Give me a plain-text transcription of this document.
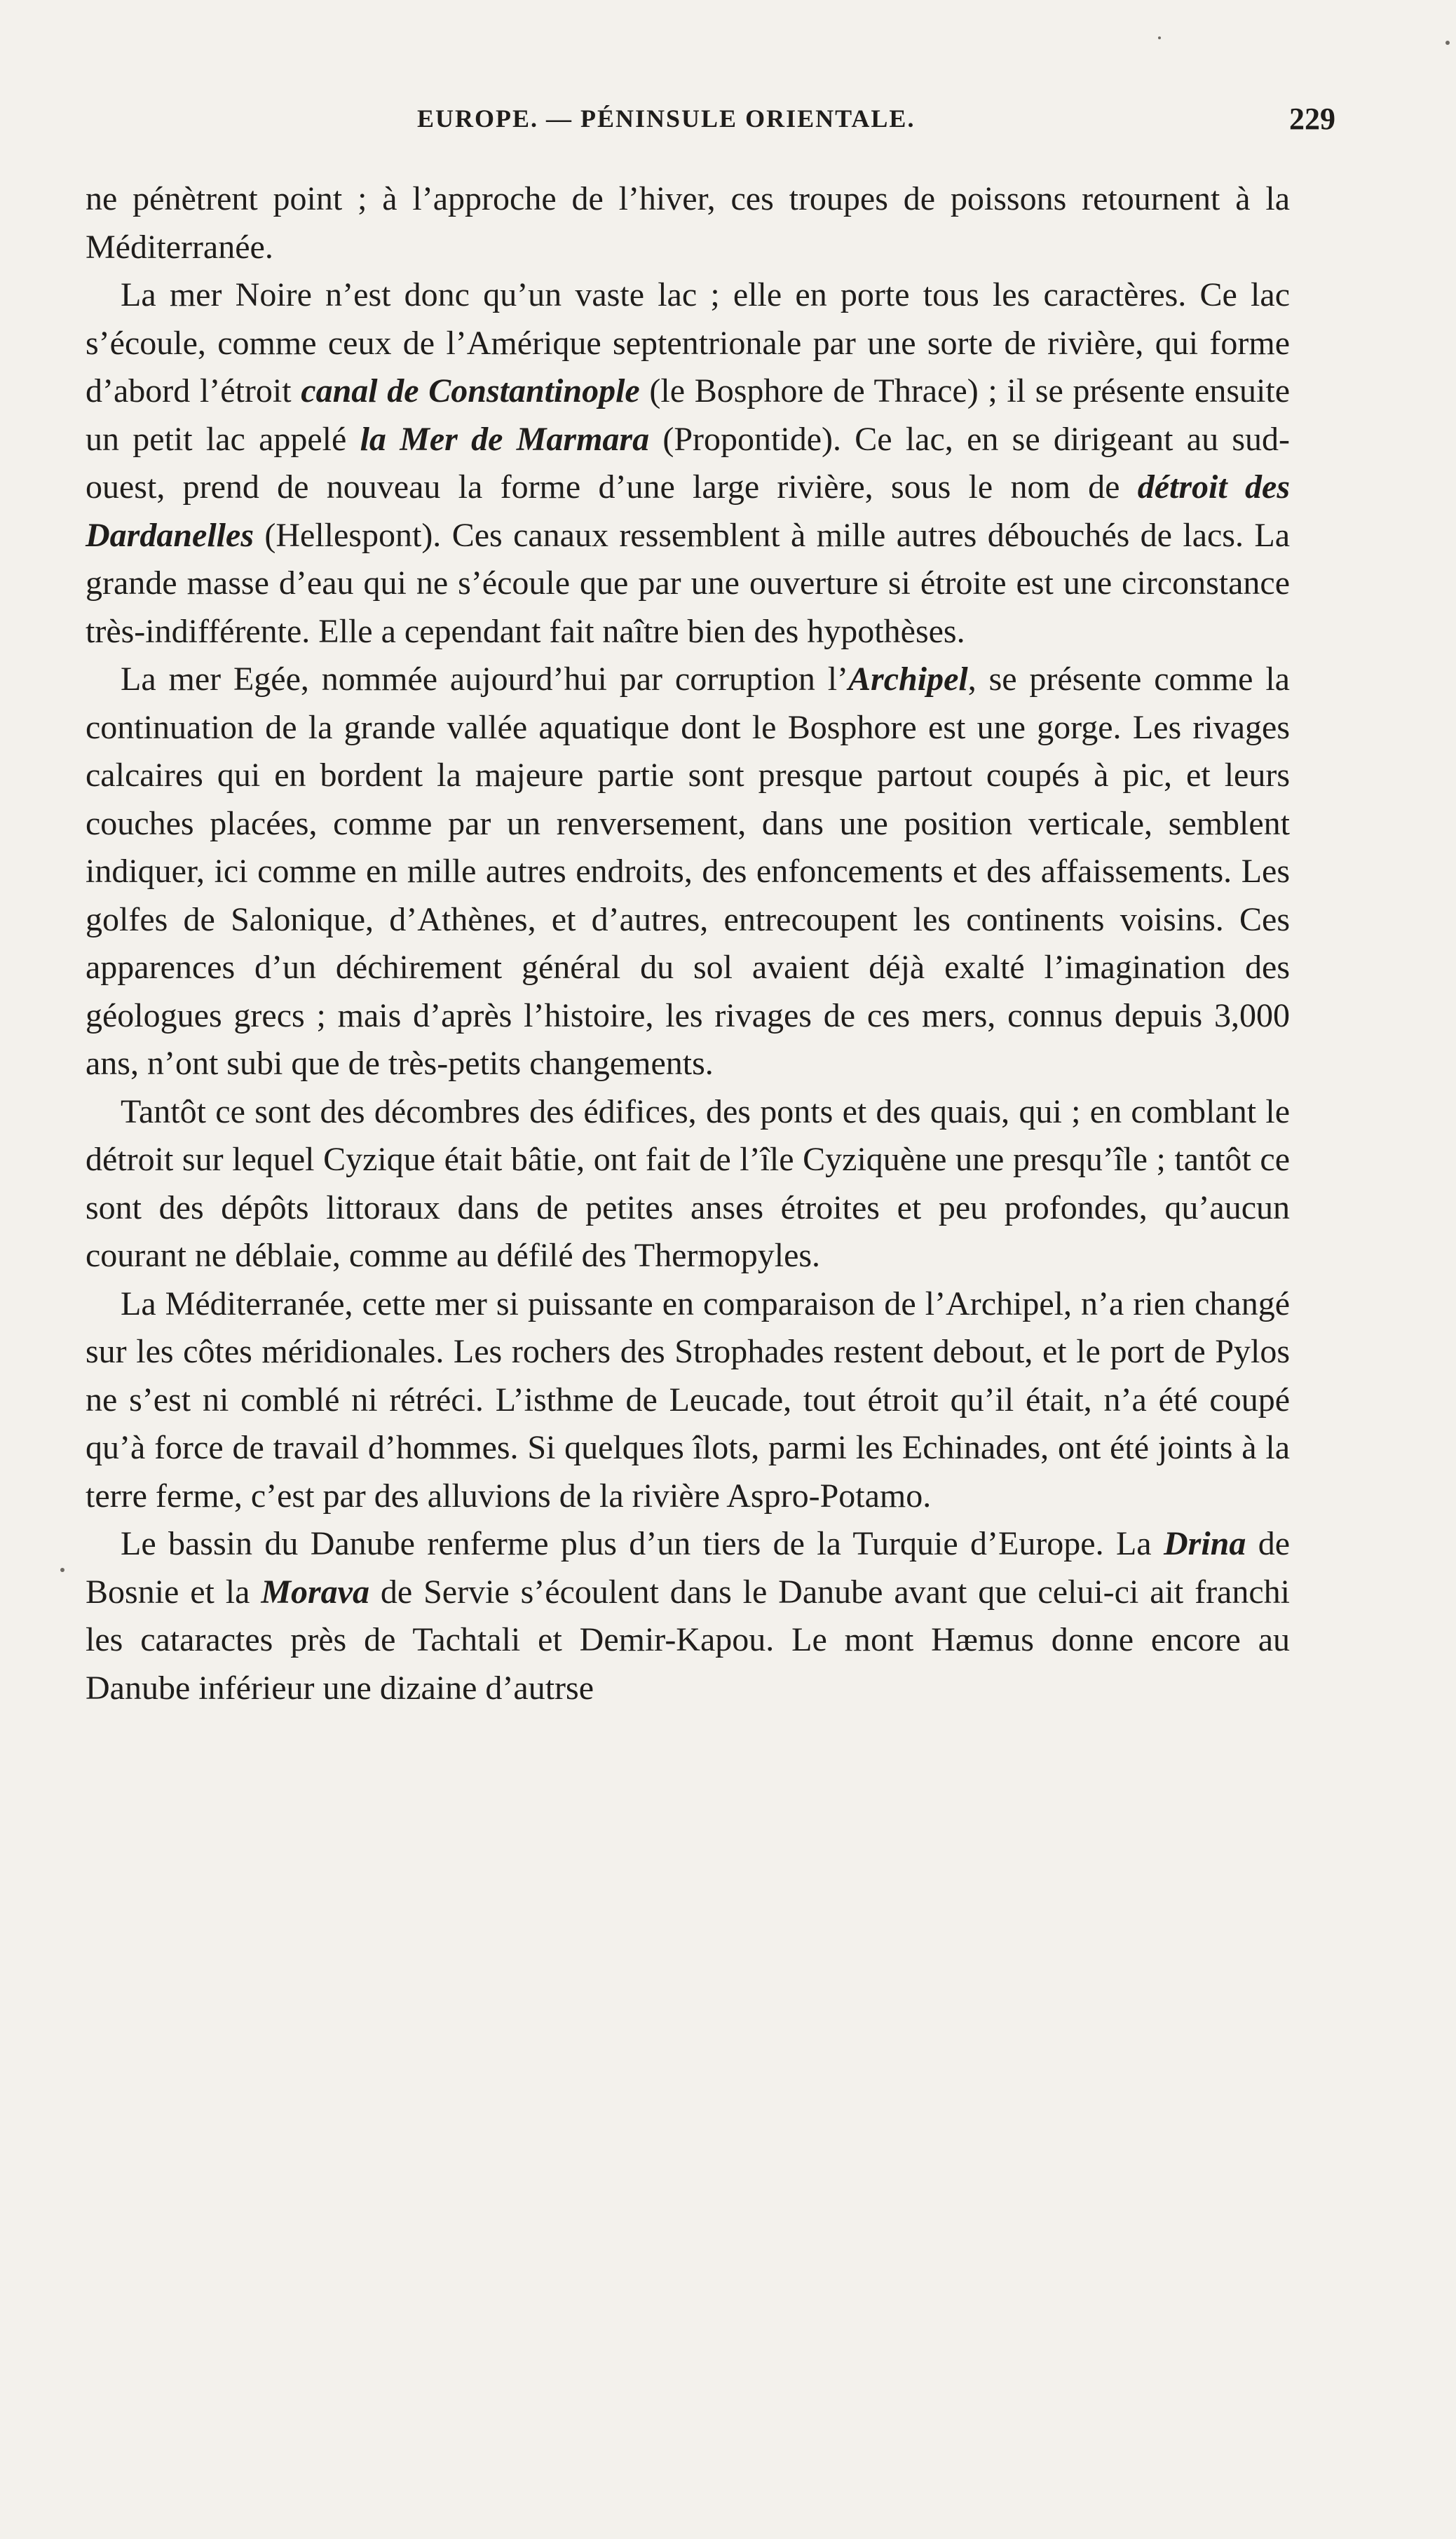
EUROPE. — PÉNINSULE ORIENTALE.	229

ne pénètrent point ; à l’approche de l’hiver, ces troupes de poissons retournent à la Méditerranée.

La mer Noire n’est donc qu’un vaste lac ; elle en porte tous les caractères. Ce lac s’écoule, comme ceux de l’Amérique septentrionale par une sorte de rivière, qui forme d’abord l’étroit canal de Constantinople (le Bosphore de Thrace) ; il se présente ensuite un petit lac appelé la Mer de Marmara (Propontide). Ce lac, en se dirigeant au sud-ouest, prend de nouveau la forme d’une large rivière, sous le nom de détroit des Dardanelles (Hellespont). Ces canaux ressemblent à mille autres débouchés de lacs. La grande masse d’eau qui ne s’écoule que par une ouverture si étroite est une circonstance très-indifférente. Elle a cependant fait naître bien des hypothèses.

La mer Egée, nommée aujourd’hui par corruption l’Archipel, se présente comme la continuation de la grande vallée aquatique dont le Bosphore est une gorge. Les rivages calcaires qui en bordent la majeure partie sont presque partout coupés à pic, et leurs couches placées, comme par un renversement, dans une position verticale, semblent indiquer, ici comme en mille autres endroits, des enfoncements et des affaissements. Les golfes de Salonique, d’Athènes, et d’autres, entrecoupent les continents voisins. Ces apparences d’un déchirement général du sol avaient déjà exalté l’imagination des géologues grecs ; mais d’après l’histoire, les rivages de ces mers, connus depuis 3,000 ans, n’ont subi que de très-petits changements.

Tantôt ce sont des décombres des édifices, des ponts et des quais, qui ; en comblant le détroit sur lequel Cyzique était bâtie, ont fait de l’île Cyziquène une presqu’île ; tantôt ce sont des dépôts littoraux dans de petites anses étroites et peu profondes, qu’aucun courant ne déblaie, comme au défilé des Thermopyles.

La Méditerranée, cette mer si puissante en comparaison de l’Archipel, n’a rien changé sur les côtes méridionales. Les rochers des Strophades restent debout, et le port de Pylos ne s’est ni comblé ni rétréci. L’isthme de Leucade, tout étroit qu’il était, n’a été coupé qu’à force de travail d’hommes. Si quelques îlots, parmi les Echinades, ont été joints à la terre ferme, c’est par des alluvions de la rivière Aspro-Potamo.

Le bassin du Danube renferme plus d’un tiers de la Turquie d’Europe. La Drina de Bosnie et la Morava de Servie s’écoulent dans le Danube avant que celui-ci ait franchi les cataractes près de Tachtali et Demir-Kapou. Le mont Hæmus donne encore au Danube inférieur une dizaine d’autrse
